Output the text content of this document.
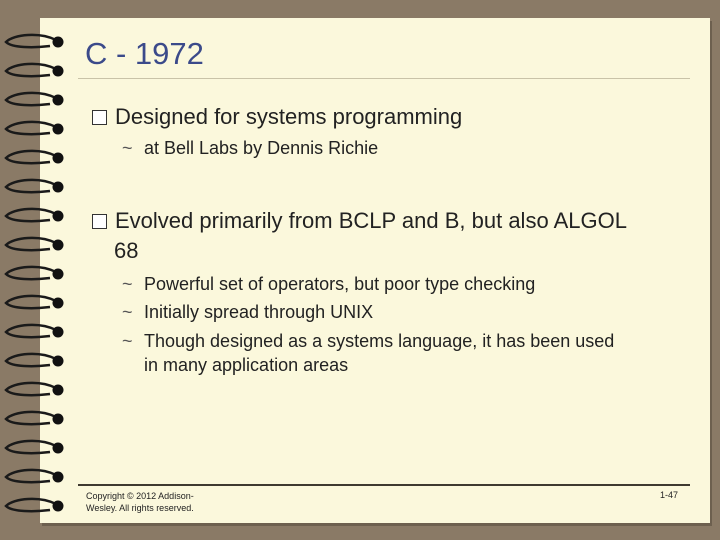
C - 1972
Designed for systems programming
~ at Bell Labs by Dennis Richie
Evolved primarily from BCLP and B, but also ALGOL
68
~ Powerful set of operators, but poor type checking
~ Initially spread through UNIX
~ Though designed as a systems language, it has been used
in many application areas
Copyright © 2012 Addison-
Wesley. All rights reserved.
1-47
